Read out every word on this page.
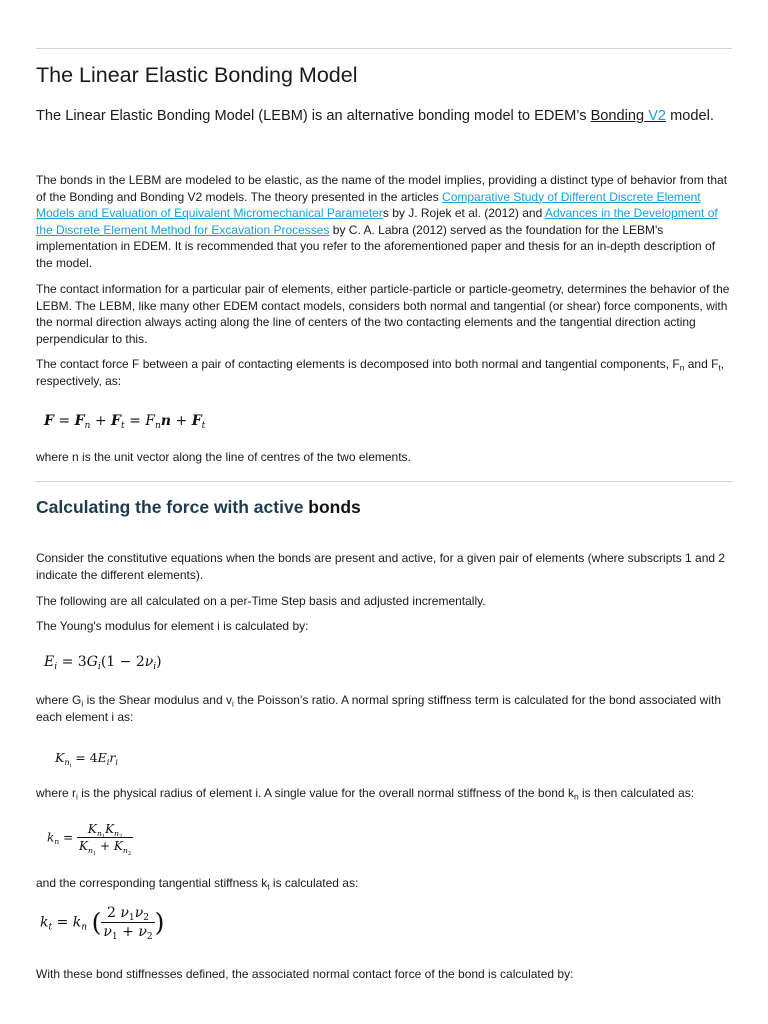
The Linear Elastic Bonding Model
The Linear Elastic Bonding Model (LEBM) is an alternative bonding model to EDEM’s Bonding V2 model.
The bonds in the LEBM are modeled to be elastic, as the name of the model implies, providing a distinct type of behavior from that of the Bonding and Bonding V2 models. The theory presented in the articles Comparative Study of Different Discrete Element Models and Evaluation of Equivalent Micromechanical Parameters by J. Rojek et al. (2012) and Advances in the Development of the Discrete Element Method for Excavation Processes by C. A. Labra (2012) served as the foundation for the LEBM's implementation in EDEM. It is recommended that you refer to the aforementioned paper and thesis for an in-depth description of the model.
The contact information for a particular pair of elements, either particle-particle or particle-geometry, determines the behavior of the LEBM. The LEBM, like many other EDEM contact models, considers both normal and tangential (or shear) force components, with the normal direction always acting along the line of centers of the two contacting elements and the tangential direction acting perpendicular to this.
The contact force F between a pair of contacting elements is decomposed into both normal and tangential components, $F_n$ and $F_t$, respectively, as:
$F = F_n + F_t = F_nn + F_t$
where n is the unit vector along the line of centres of the two elements.
Calculating the force with active bonds
Consider the constitutive equations when the bonds are present and active, for a given pair of elements (where subscripts 1 and 2 indicate the different elements).
The following are all calculated on a per-Time Step basis and adjusted incrementally.
The Young's modulus for element i is calculated by:
$E_i = 3G_i(1 - 2\nu_i)$
where $G_i$ is the Shear modulus and $v_i$ the Poisson’s ratio. A normal spring stiffness term is calculated for the bond associated with each element i as:
$K_{n_i} = 4E_ir_i$
where $r_i$ is the physical radius of element i. A single value for the overall normal stiffness of the bond $k_n$ is then calculated as:
$k_n = \frac{K_{n_1}K_{n_2}}{K_{n_1} + K_{n_2}}$
and the corresponding tangential stiffness $k_t$ is calculated as:
$k_t = k_n$ ( $\frac{2 \nu_1\nu_2}{\nu_1 + \nu_2}$ )
With these bond stiffnesses defined, the associated normal contact force of the bond is calculated by:
